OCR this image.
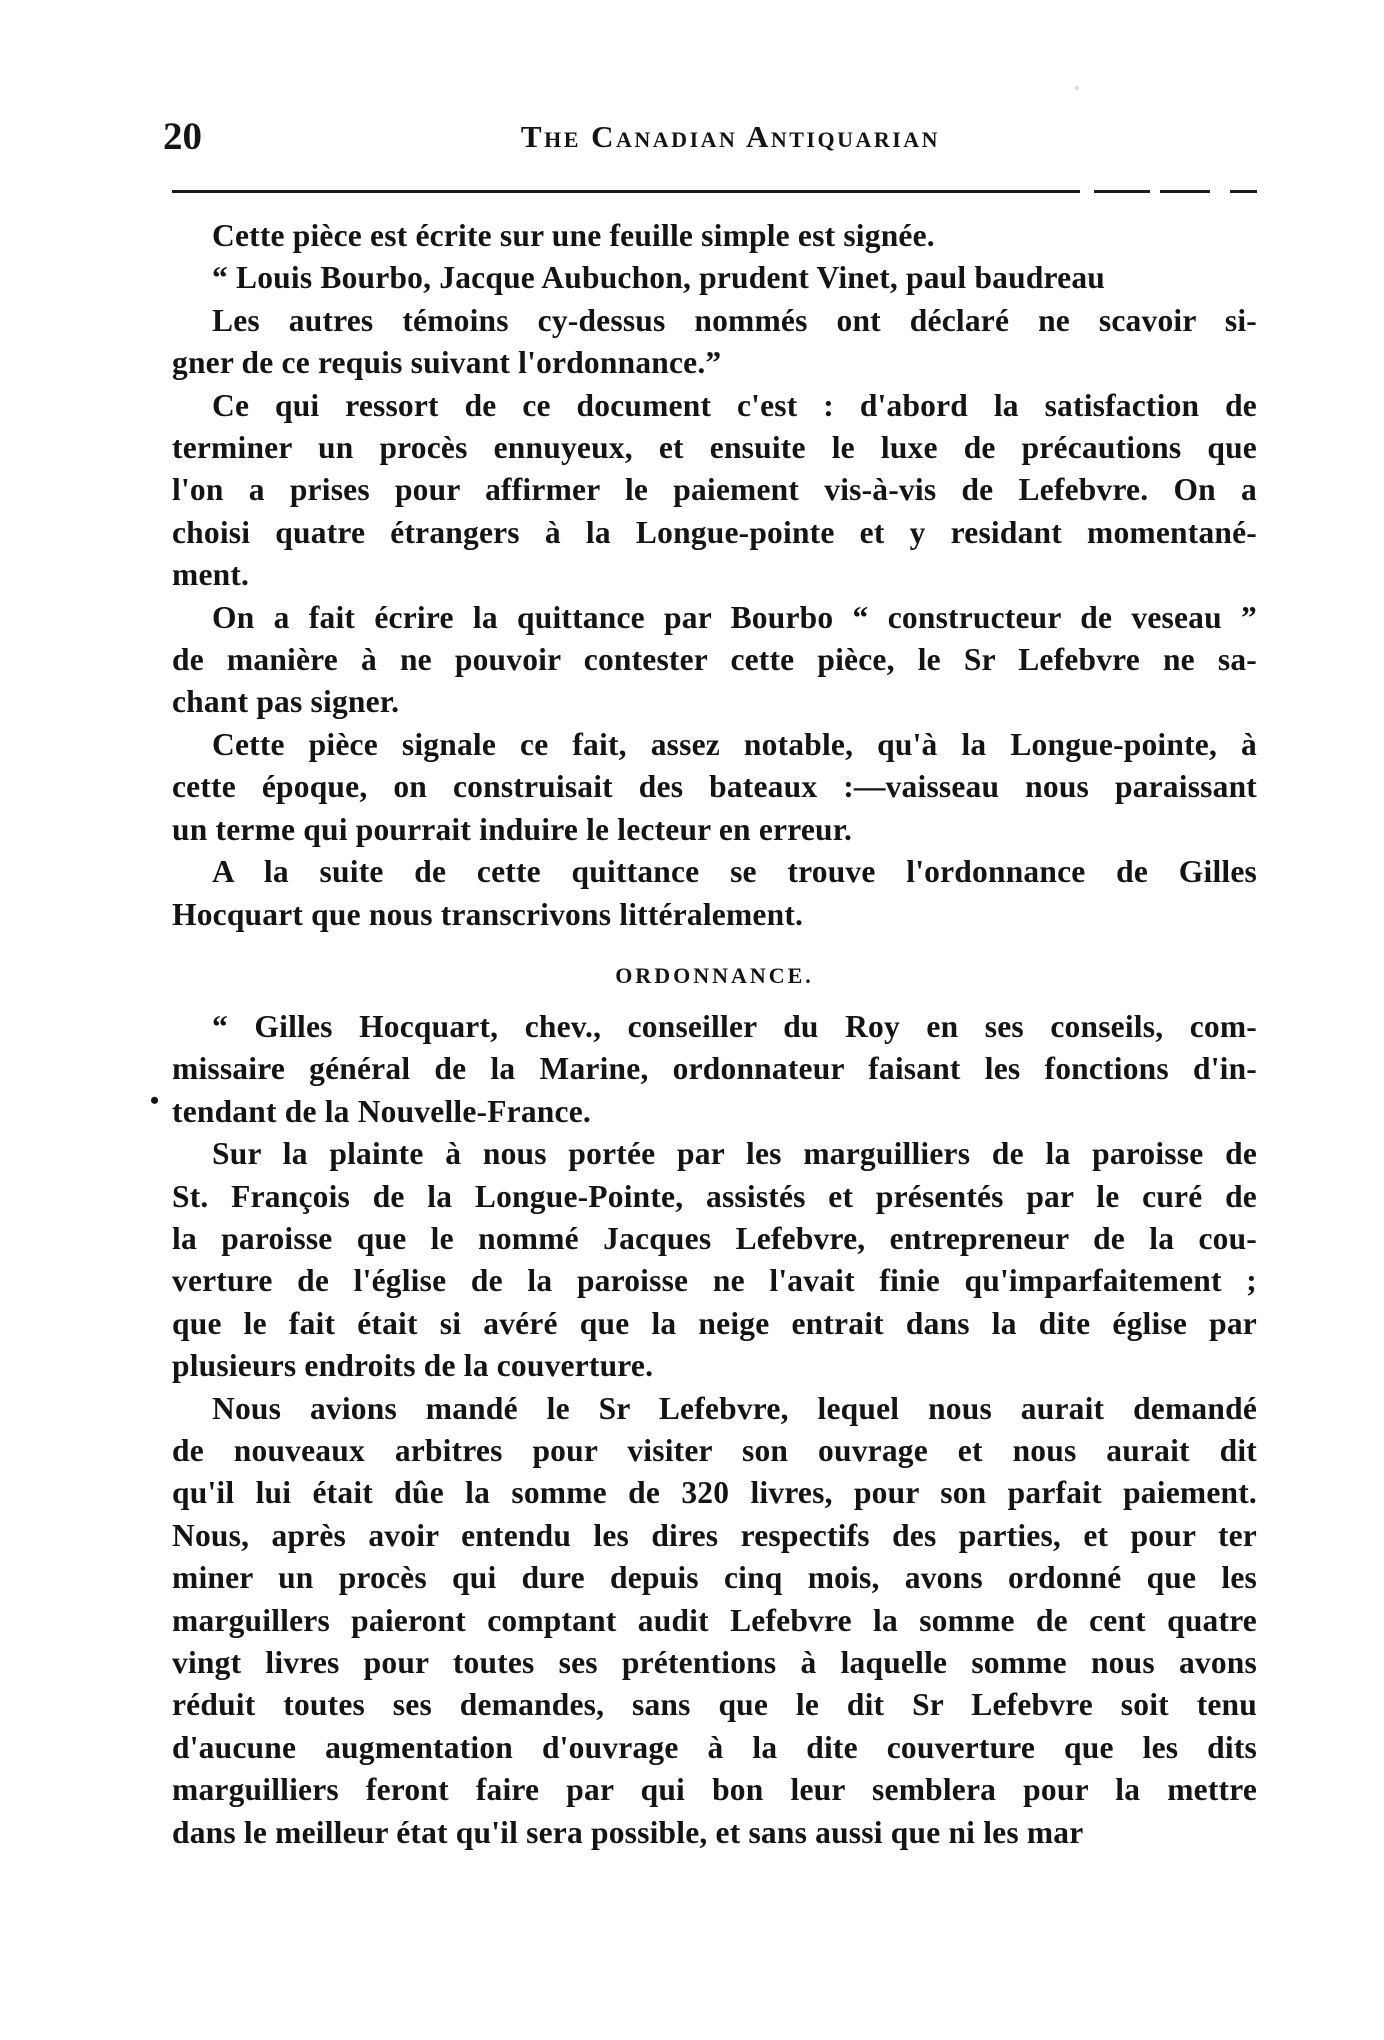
20	The Canadian Antiquarian
•
Cette pièce est écrite sur une feuille simple est signée.
“ Louis Bourbo, Jacque Aubuchon, prudent Vinet, paul baudreau
Les autres témoins cy-dessus nommés ont déclaré ne scavoir si-
gner de ce requis suivant l'ordonnance.”
Ce qui ressort de ce document c'est : d'abord la satisfaction de
terminer un procès ennuyeux, et ensuite le luxe de précautions que
l'on a prises pour affirmer le paiement vis-à-vis de Lefebvre. On a
choisi quatre étrangers à la Longue-pointe et y residant momentané-
ment.
On a fait écrire la quittance par Bourbo “ constructeur de veseau ”
de manière à ne pouvoir contester cette pièce, le Sr Lefebvre ne sa-
chant pas signer.
Cette pièce signale ce fait, assez notable, qu'à la Longue-pointe, à
cette époque, on construisait des bateaux :—vaisseau nous paraissant
un terme qui pourrait induire le lecteur en erreur.
A la suite de cette quittance se trouve l'ordonnance de Gilles
Hocquart que nous transcrivons littéralement.
ORDONNANCE.
“ Gilles Hocquart, chev., conseiller du Roy en ses conseils, com-
missaire général de la Marine, ordonnateur faisant les fonctions d'in-
tendant de la Nouvelle-France.
Sur la plainte à nous portée par les marguilliers de la paroisse de
St. François de la Longue-Pointe, assistés et présentés par le curé de
la paroisse que le nommé Jacques Lefebvre, entrepreneur de la cou-
verture de l'église de la paroisse ne l'avait finie qu'imparfaitement ;
que le fait était si avéré que la neige entrait dans la dite église par
plusieurs endroits de la couverture.
Nous avions mandé le Sr Lefebvre, lequel nous aurait demandé
de nouveaux arbitres pour visiter son ouvrage et nous aurait dit
qu'il lui était dûe la somme de 320 livres, pour son parfait paiement.
Nous, après avoir entendu les dires respectifs des parties, et pour ter
miner un procès qui dure depuis cinq mois, avons ordonné que les
marguillers paieront comptant audit Lefebvre la somme de cent quatre
vingt livres pour toutes ses prétentions à laquelle somme nous avons
réduit toutes ses demandes, sans que le dit Sr Lefebvre soit tenu
d'aucune augmentation d'ouvrage à la dite couverture que les dits
marguilliers feront faire par qui bon leur semblera pour la mettre
dans le meilleur état qu'il sera possible, et sans aussi que ni les mar
